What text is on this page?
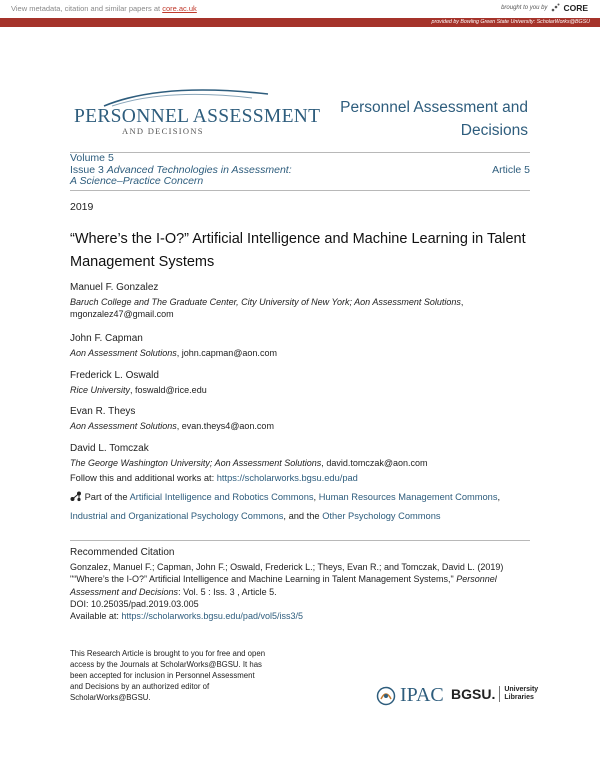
View metadata, citation and similar papers at core.ac.uk	brought to you by CORE
provided by Bowling Green State University: ScholarWorks@BGSU
PERSONNEL ASSESSMENT
AND DECISIONS
Personnel Assessment and
Decisions
Volume 5
Issue 3 Advanced Technologies in Assessment:
A Science–Practice Concern
Article 5
2019
“Where’s the I-O?” Artificial Intelligence and Machine Learning in Talent Management Systems
Manuel F. Gonzalez
Baruch College and The Graduate Center, City University of New York; Aon Assessment Solutions,
mgonzalez47@gmail.com
John F. Capman
Aon Assessment Solutions, john.capman@aon.com
Frederick L. Oswald
Rice University, foswald@rice.edu
Evan R. Theys
Aon Assessment Solutions, evan.theys4@aon.com
David L. Tomczak
The George Washington University; Aon Assessment Solutions, david.tomczak@aon.com
Follow this and additional works at: https://scholarworks.bgsu.edu/pad
Part of the Artificial Intelligence and Robotics Commons, Human Resources Management Commons,
Industrial and Organizational Psychology Commons, and the Other Psychology Commons
Recommended Citation
Gonzalez, Manuel F.; Capman, John F.; Oswald, Frederick L.; Theys, Evan R.; and Tomczak, David L. (2019)
"“Where’s the I-O?” Artificial Intelligence and Machine Learning in Talent Management Systems," Personnel
Assessment and Decisions: Vol. 5 : Iss. 3 , Article 5.
DOI: 10.25035/pad.2019.03.005
Available at: https://scholarworks.bgsu.edu/pad/vol5/iss3/5
This Research Article is brought to you for free and open
access by the Journals at ScholarWorks@BGSU. It has
been accepted for inclusion in Personnel Assessment
and Decisions by an authorized editor of
ScholarWorks@BGSU.	IPAC BGSU. University
Libraries
